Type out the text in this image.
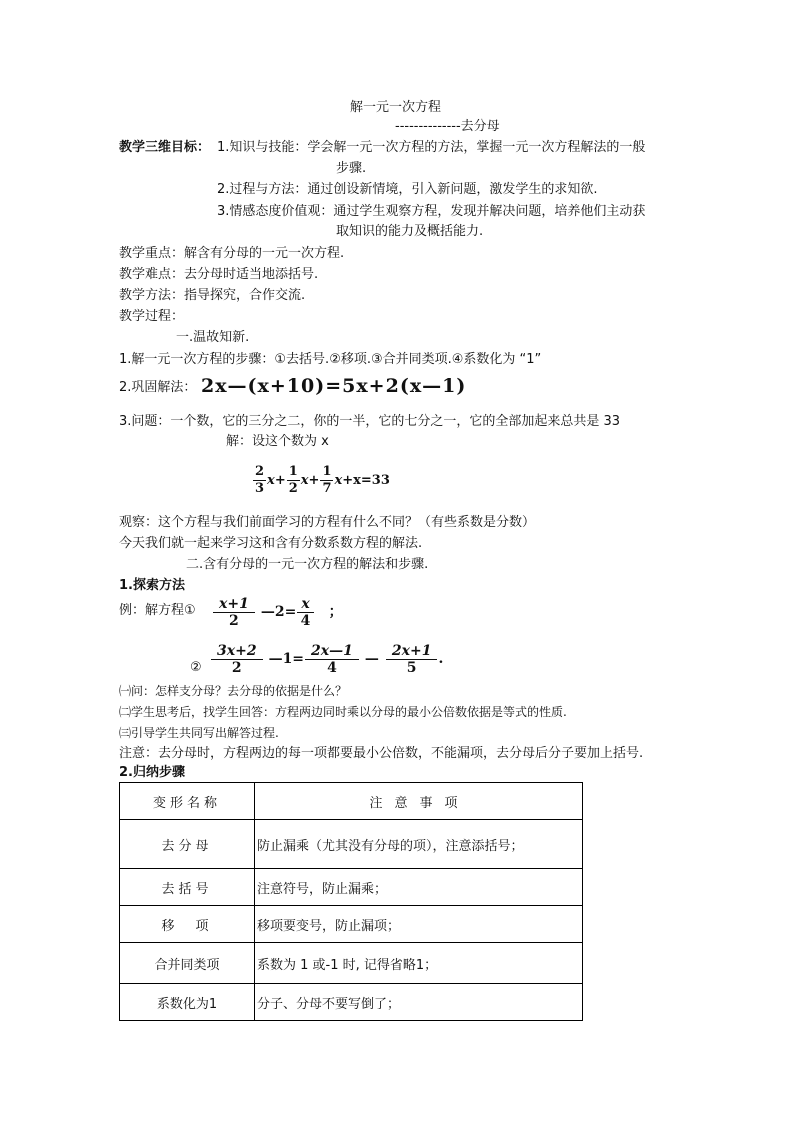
解一元一次方程
--------------去分母
教学三维目标： 1.知识与技能：学会解一元一次方程的方法，掌握一元一次方程解法的一般
步骤.
2.过程与方法：通过创设新情境，引入新问题，激发学生的求知欲.
3.情感态度价值观：通过学生观察方程，发现并解决问题，培养他们主动获
取知识的能力及概括能力.
教学重点：解含有分母的一元一次方程.
教学难点：去分母时适当地添括号.
教学方法：指导探究，合作交流.
教学过程：
一.温故知新.
1.解一元一次方程的步骤：①去括号.②移项.③合并同类项.④系数化为 “1”
2.巩固解法： 2x—(x+10)=5x+2(x—1)
3.问题：一个数，它的三分之二，你的一半，它的七分之一，它的全部加起来总共是 33
解：设这个数为 x
$\frac{2}{3} x+ \frac{1}{2} x+ \frac{1}{7} x+x=33$
观察：这个方程与我们前面学习的方程有什么不同？（有些系数是分数）
今天我们就一起来学习这和含有分数系数方程的解法.
二.含有分母的一元一次方程的解法和步骤.
1.探索方法
例：解方程① $\frac{x+1}{2}$ —2= $\frac{x}{4}$ ；
② $\frac{3x+2}{2}$ —1= $\frac{2x—1}{4}$ — $\frac{2x+1}{5}$ .
㈠问：怎样支分母？去分母的依据是什么？
㈡学生思考后，找学生回答：方程两边同时乘以分母的最小公倍数依据是等式的性质.
㈢引导学生共同写出解答过程.
注意：去分母时，方程两边的每一项都要最小公倍数，不能漏项，去分母后分子要加上括号.
2.归纳步骤
变形名称	注意事项
去分母	防止漏乘（尤其没有分母的项），注意添括号；
去括号	注意符号，防止漏乘；
移　项	移项要变号，防止漏项；
合并同类项	系数为 1 或-1 时, 记得省略1；
系数化为1	分子、分母不要写倒了；
